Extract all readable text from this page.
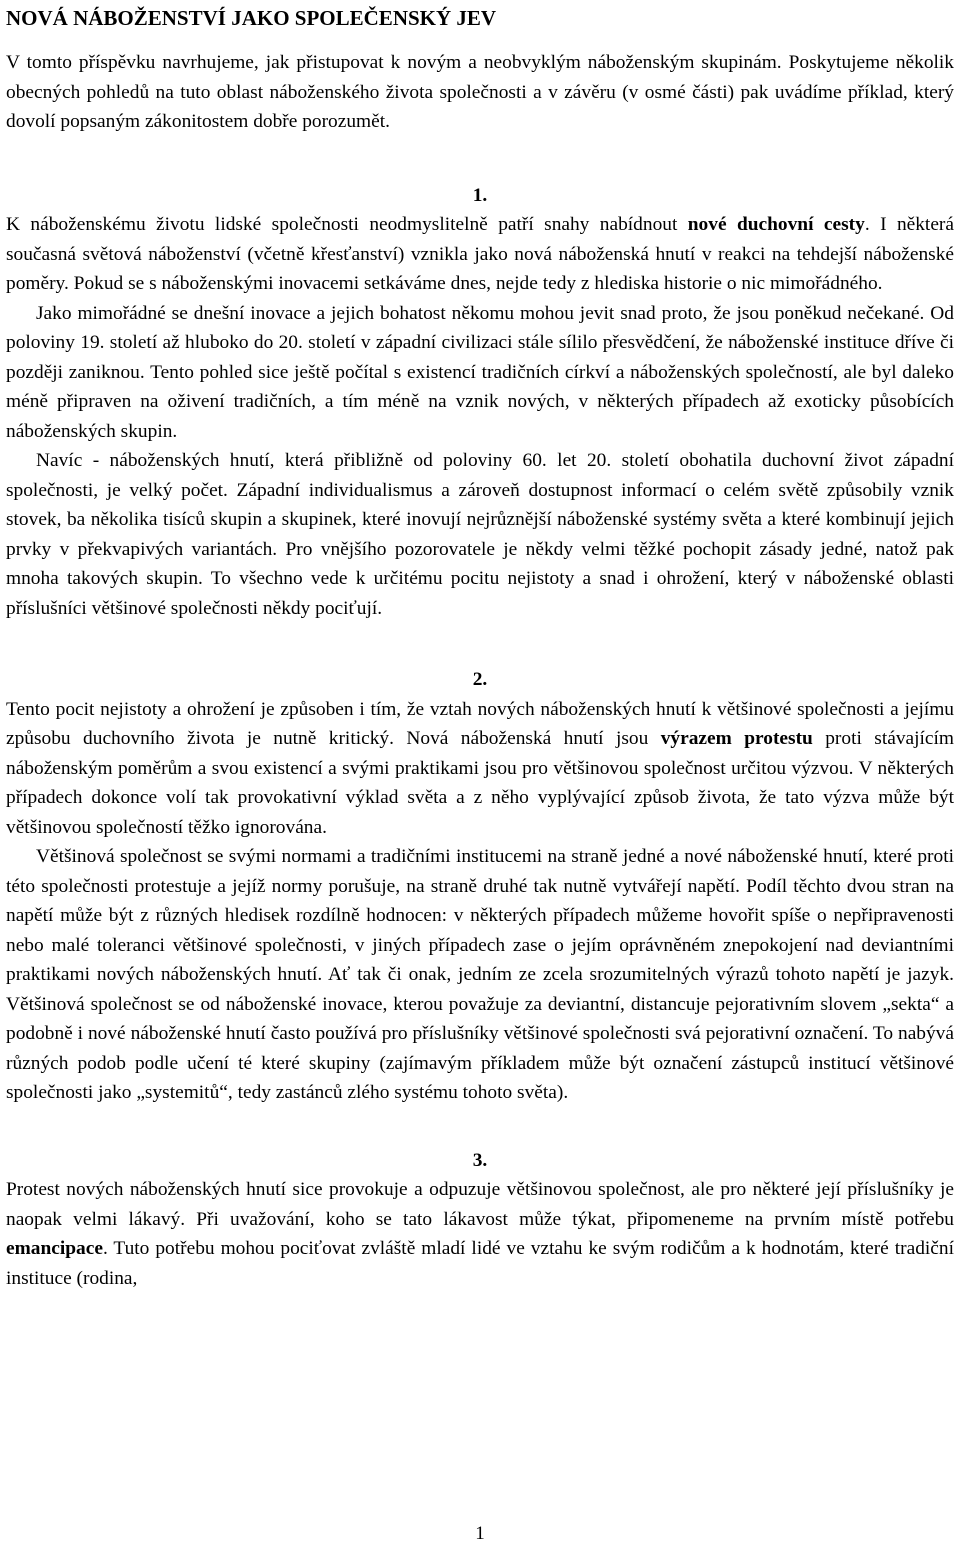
NOVÁ NÁBOŽENSTVÍ JAKO SPOLEČENSKÝ JEV

V tomto příspěvku navrhujeme, jak přistupovat k novým a neobvyklým náboženským skupinám. Poskytujeme několik obecných pohledů na tuto oblast náboženského života společnosti a v závěru (v osmé části) pak uvádíme příklad, který dovolí popsaným zákonitostem dobře porozumět.

1.

K náboženskému životu lidské společnosti neodmyslitelně patří snahy nabídnout nové duchovní cesty. I některá současná světová náboženství (včetně křesťanství) vznikla jako nová náboženská hnutí v reakci na tehdejší náboženské poměry. Pokud se s náboženskými inovacemi setkáváme dnes, nejde tedy z hlediska historie o nic mimořádného.

Jako mimořádné se dnešní inovace a jejich bohatost někomu mohou jevit snad proto, že jsou poněkud nečekané. Od poloviny 19. století až hluboko do 20. století v západní civilizaci stále sílilo přesvědčení, že náboženské instituce dříve či později zaniknou. Tento pohled sice ještě počítal s existencí tradičních církví a náboženských společností, ale byl daleko méně připraven na oživení tradičních, a tím méně na vznik nových, v některých případech až exoticky působících náboženských skupin.

Navíc - náboženských hnutí, která přibližně od poloviny 60. let 20. století obohatila duchovní život západní společnosti, je velký počet. Západní individualismus a zároveň dostupnost informací o celém světě způsobily vznik stovek, ba několika tisíců skupin a skupinek, které inovují nejrůznější náboženské systémy světa a které kombinují jejich prvky v překvapivých variantách. Pro vnějšího pozorovatele je někdy velmi těžké pochopit zásady jedné, natož pak mnoha takových skupin. To všechno vede k určitému pocitu nejistoty a snad i ohrožení, který v náboženské oblasti příslušníci většinové společnosti někdy pociťují.

2.

Tento pocit nejistoty a ohrožení je způsoben i tím, že vztah nových náboženských hnutí k většinové společnosti a jejímu způsobu duchovního života je nutně kritický. Nová náboženská hnutí jsou výrazem protestu proti stávajícím náboženským poměrům a svou existencí a svými praktikami jsou pro většinovou společnost určitou výzvou. V některých případech dokonce volí tak provokativní výklad světa a z něho vyplývající způsob života, že tato výzva může být většinovou společností těžko ignorována.

Většinová společnost se svými normami a tradičními institucemi na straně jedné a nové náboženské hnutí, které proti této společnosti protestuje a jejíž normy porušuje, na straně druhé tak nutně vytvářejí napětí. Podíl těchto dvou stran na napětí může být z různých hledisek rozdílně hodnocen: v některých případech můžeme hovořit spíše o nepřipravenosti nebo malé toleranci většinové společnosti, v jiných případech zase o jejím oprávněném znepokojení nad deviantními praktikami nových náboženských hnutí. Ať tak či onak, jedním ze zcela srozumitelných výrazů tohoto napětí je jazyk. Většinová společnost se od náboženské inovace, kterou považuje za deviantní, distancuje pejorativním slovem „sekta“ a podobně i nové náboženské hnutí často používá pro příslušníky většinové společnosti svá pejorativní označení. To nabývá různých podob podle učení té které skupiny (zajímavým příkladem může být označení zástupců institucí většinové společnosti jako „systemitů“, tedy zastánců zlého systému tohoto světa).

3.

Protest nových náboženských hnutí sice provokuje a odpuzuje většinovou společnost, ale pro některé její příslušníky je naopak velmi lákavý. Při uvažování, koho se tato lákavost může týkat, připomeneme na prvním místě potřebu emancipace. Tuto potřebu mohou pociťovat zvláště mladí lidé ve vztahu ke svým rodičům a k hodnotám, které tradiční instituce (rodina,

1
